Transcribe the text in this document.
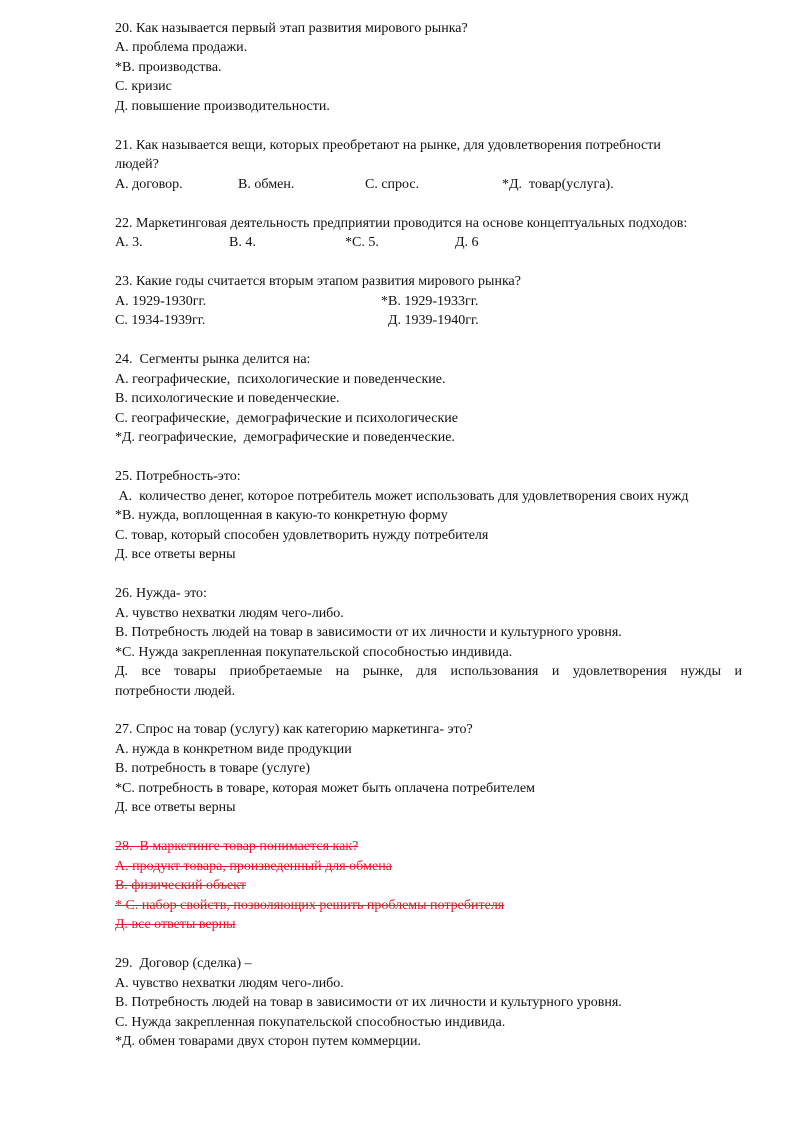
20. Как называется первый этап развития мирового рынка?
А. проблема продажи.
*В. производства.
С. кризис
Д. повышение производительности.
21. Как называется вещи, которых преобретают на рынке, для удовлетворения потребности
людей?
А. договор.	В. обмен.	С. спрос.	*Д.  товар(услуга).
22. Маркетинговая деятельность предприятии проводится на основе концептуальных подходов:
А. 3.	В. 4.	*С. 5.	Д. 6
23. Какие годы считается вторым этапом развития мирового рынка?
А. 1929-1930гг.	*В. 1929-1933гг.
С. 1934-1939гг.	Д. 1939-1940гг.
24.  Сегменты рынка делится на:
А. географические,  психологические и поведенческие.
В. психологические и поведенческие.
С. географические,  демографические и психологические
*Д. географические,  демографические и поведенческие.
25. Потребность-это:
А.  количество денег, которое потребитель может использовать для удовлетворения своих нужд
*В. нужда, воплощенная в какую-то конкретную форму
С. товар, который способен удовлетворить нужду потребителя
Д. все ответы верны
26. Нужда- это:
А. чувство нехватки людям чего-либо.
В. Потребность людей на товар в зависимости от их личности и культурного уровня.
*С. Нужда закрепленная покупательской способностью индивида.
Д. все товары приобретаемые на рынке, для использования и удовлетворения нужды и
потребности людей.
27. Спрос на товар (услугу) как категорию маркетинга- это?
А. нужда в конкретном виде продукции
В. потребность в товаре (услуге)
*С. потребность в товаре, которая может быть оплачена потребителем
Д. все ответы верны
28.  В маркетинге товар понимается как?
А. продукт товара, произведенный для обмена
В. физический объект
* С. набор свойств, позволяющих решить проблемы потребителя
Д. все ответы верны
29.  Договор (сделка) –
А. чувство нехватки людям чего-либо.
В. Потребность людей на товар в зависимости от их личности и культурного уровня.
С. Нужда закрепленная покупательской способностью индивида.
*Д. обмен товарами двух сторон путем коммерции.
